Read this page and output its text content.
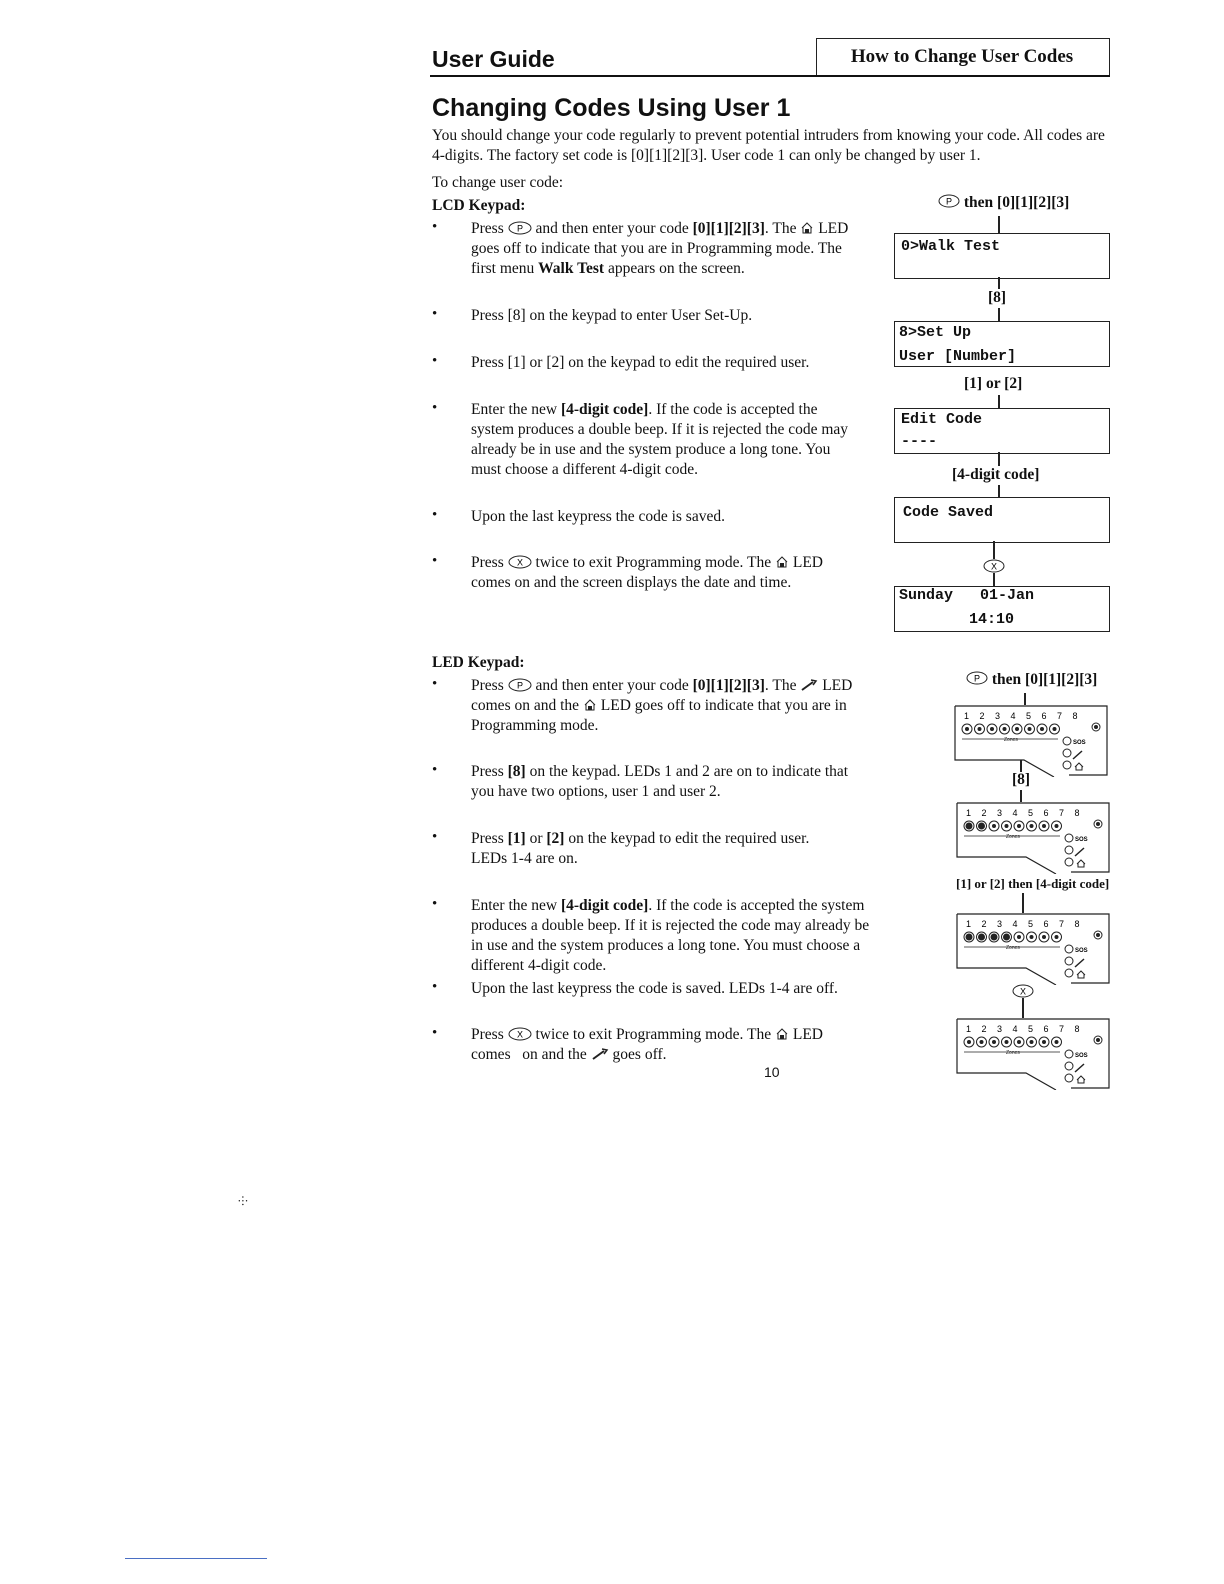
User Guide	How to Change User Codes
Changing Codes Using User 1
You should change your code regularly to prevent potential intruders from knowing your code. All codes are 4-digits. The factory set code is [0][1][2][3]. User code 1 can only be changed by user 1.
To change user code:
LCD Keypad:
• Press P and then enter your code [0][1][2][3]. The  LED goes off to indicate that you are in Programming mode. The first menu Walk Test appears on the screen.
• Press [8] on the keypad to enter User Set-Up.
• Press [1] or [2] on the keypad to edit the required user.
• Enter the new [4-digit code]. If the code is accepted the system produces a double beep. If it is rejected the code may already be in use and the system produce a long tone. You must choose a different 4-digit code.
• Upon the last keypress the code is saved.
• Press X twice to exit Programming mode. The  LED comes on and the screen displays the date and time.
P then [0][1][2][3]
0>Walk Test
[8]
8>Set Up
User [Number]
[1] or [2]
Edit Code
----
[4-digit code]
Code Saved
X
Sunday   01-Jan
14:10
LED Keypad:
• Press P and then enter your code [0][1][2][3]. The  LED comes on and the  LED goes off to indicate that you are in Programming mode.
• Press [8] on the keypad. LEDs 1 and 2 are on to indicate that you have two options, user 1 and user 2.
• Press [1] or [2] on the keypad to edit the required user. LEDs 1-4 are on.
• Enter the new [4-digit code]. If the code is accepted the system produces a double beep. If it is rejected the code may already be in use and the system produces a long tone. You must choose a different 4-digit code.
• Upon the last keypress the code is saved. LEDs 1-4 are off.
• Press X twice to exit Programming mode. The  LED comes   on and the  goes off.
P then [0][1][2][3]
1 2 3 4 5 6 7 8
Zones	SOS
[8]
1 2 3 4 5 6 7 8
Zones	SOS
[1] or [2] then [4-digit code]
1 2 3 4 5 6 7 8
Zones	SOS
X
1 2 3 4 5 6 7 8
Zones	SOS
10
⸭
